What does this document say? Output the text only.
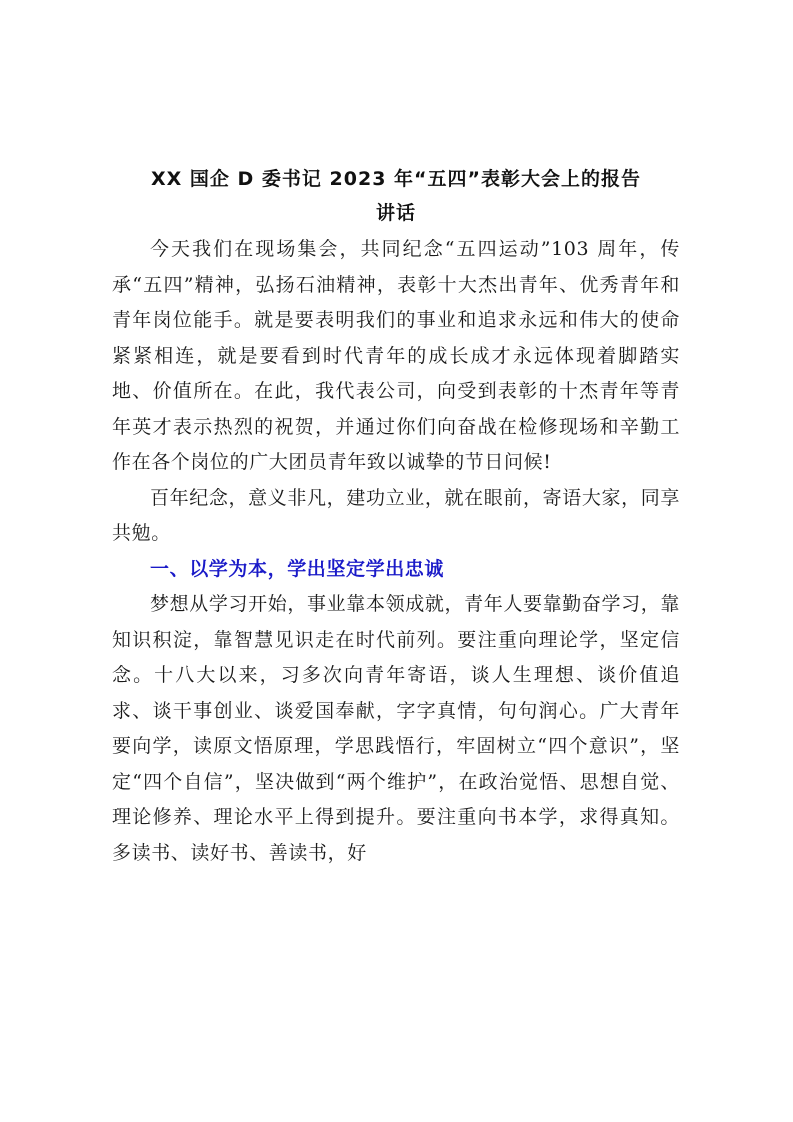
XX 国企 D 委书记 2023 年“五四”表彰大会上的报告
讲话

今天我们在现场集会，共同纪念“五四运动”103 周年，传承“五四”精神，弘扬石油精神，表彰十大杰出青年、优秀青年和青年岗位能手。就是要表明我们的事业和追求永远和伟大的使命紧紧相连，就是要看到时代青年的成长成才永远体现着脚踏实地、价值所在。在此，我代表公司，向受到表彰的十杰青年等青年英才表示热烈的祝贺，并通过你们向奋战在检修现场和辛勤工作在各个岗位的广大团员青年致以诚挚的节日问候!

百年纪念，意义非凡，建功立业，就在眼前，寄语大家，同享共勉。

一、以学为本，学出坚定学出忠诚

梦想从学习开始，事业靠本领成就，青年人要靠勤奋学习，靠知识积淀，靠智慧见识走在时代前列。要注重向理论学，坚定信念。十八大以来，习多次向青年寄语，谈人生理想、谈价值追求、谈干事创业、谈爱国奉献，字字真情，句句润心。广大青年要向学，读原文悟原理，学思践悟行，牢固树立“四个意识”，坚定“四个自信”，坚决做到“两个维护”，在政治觉悟、思想自觉、理论修养、理论水平上得到提升。要注重向书本学，求得真知。多读书、读好书、善读书，好
